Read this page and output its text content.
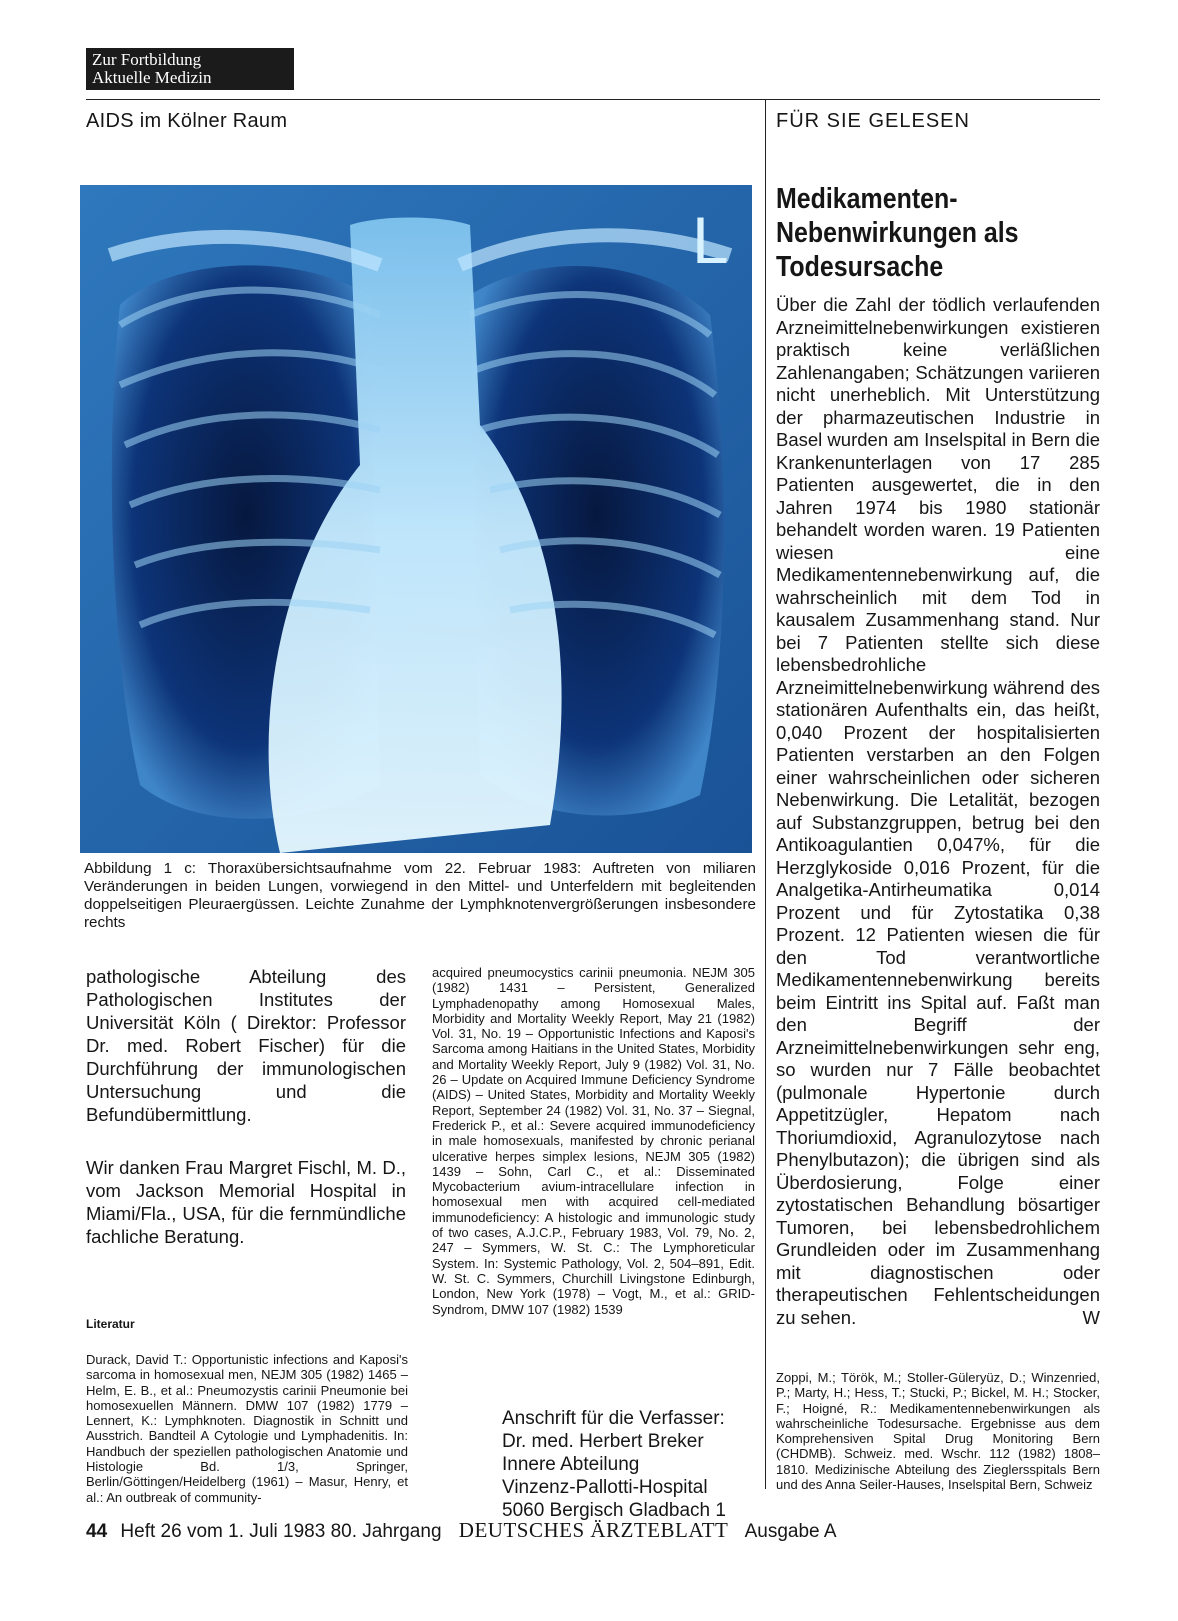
Zur Fortbildung
Aktuelle Medizin
AIDS im Kölner Raum	FÜR SIE GELESEN
L
Abbildung 1 c: Thoraxübersichtsaufnahme vom 22. Februar 1983: Auftreten von miliaren Veränderungen in beiden Lungen, vorwiegend in den Mittel- und Unterfeldern mit begleitenden doppelseitigen Pleuraergüssen. Leichte Zunahme der Lymphknotenvergrößerungen insbesondere rechts

pathologische Abteilung des Pathologischen Institutes der Universität Köln ( Direktor: Professor Dr. med. Robert Fischer) für die Durchführung der immunologischen Untersuchung und die Befundübermittlung.

Wir danken Frau Margret Fischl, M. D., vom Jackson Memorial Hospital in Miami/Fla., USA, für die fernmündliche fachliche Beratung.

Literatur
Durack, David T.: Opportunistic infections and Kaposi's sarcoma in homosexual men, NEJM 305 (1982) 1465 – Helm, E. B., et al.: Pneumozystis carinii Pneumonie bei homosexuellen Männern. DMW 107 (1982) 1779 – Lennert, K.: Lymphknoten. Diagnostik in Schnitt und Ausstrich. Bandteil A Cytologie und Lymphadenitis. In: Handbuch der speziellen pathologischen Anatomie und Histologie Bd. 1/3, Springer, Berlin/Göttingen/Heidelberg (1961) – Masur, Henry, et al.: An outbreak of community-
acquired pneumocystics carinii pneumonia. NEJM 305 (1982) 1431 – Persistent, Generalized Lymphadenopathy among Homosexual Males, Morbidity and Mortality Weekly Report, May 21 (1982) Vol. 31, No. 19 – Opportunistic Infections and Kaposi's Sarcoma among Haitians in the United States, Morbidity and Mortality Weekly Report, July 9 (1982) Vol. 31, No. 26 – Update on Acquired Immune Deficiency Syndrome (AIDS) – United States, Morbidity and Mortality Weekly Report, September 24 (1982) Vol. 31, No. 37 – Siegnal, Frederick P., et al.: Severe acquired immunodeficiency in male homosexuals, manifested by chronic perianal ulcerative herpes simplex lesions, NEJM 305 (1982) 1439 – Sohn, Carl C., et al.: Disseminated Mycobacterium avium-intracellulare infection in homosexual men with acquired cell-mediated immunodeficiency: A histologic and immunologic study of two cases, A.J.C.P., February 1983, Vol. 79, No. 2, 247 – Symmers, W. St. C.: The Lymphoreticular System. In: Systemic Pathology, Vol. 2, 504–891, Edit. W. St. C. Symmers, Churchill Livingstone Edinburgh, London, New York (1978) – Vogt, M., et al.: GRID-Syndrom, DMW 107 (1982) 1539
Anschrift für die Verfasser:
Dr. med. Herbert Breker
Innere Abteilung
Vinzenz-Pallotti-Hospital
5060 Bergisch Gladbach 1
Medikamenten-
Nebenwirkungen als
Todesursache
Über die Zahl der tödlich verlaufenden Arzneimittelnebenwirkungen existieren praktisch keine verläßlichen Zahlenangaben; Schätzungen variieren nicht unerheblich. Mit Unterstützung der pharmazeutischen Industrie in Basel wurden am Inselspital in Bern die Krankenunterlagen von 17 285 Patienten ausgewertet, die in den Jahren 1974 bis 1980 stationär behandelt worden waren. 19 Patienten wiesen eine Medikamentennebenwirkung auf, die wahrscheinlich mit dem Tod in kausalem Zusammenhang stand. Nur bei 7 Patienten stellte sich diese lebensbedrohliche Arzneimittelnebenwirkung während des stationären Aufenthalts ein, das heißt, 0,040 Prozent der hospitalisierten Patienten verstarben an den Folgen einer wahrscheinlichen oder sicheren Nebenwirkung. Die Letalität, bezogen auf Substanzgruppen, betrug bei den Antikoagulantien 0,047%, für die Herzglykoside 0,016 Prozent, für die Analgetika-Antirheumatika 0,014 Prozent und für Zytostatika 0,38 Prozent. 12 Patienten wiesen die für den Tod verantwortliche Medikamentennebenwirkung bereits beim Eintritt ins Spital auf. Faßt man den Begriff der Arzneimittelnebenwirkungen sehr eng, so wurden nur 7 Fälle beobachtet (pulmonale Hypertonie durch Appetitzügler, Hepatom nach Thoriumdioxid, Agranulozytose nach Phenylbutazon); die übrigen sind als Überdosierung, Folge einer zytostatischen Behandlung bösartiger Tumoren, bei lebensbedrohlichem Grundleiden oder im Zusammenhang mit diagnostischen oder therapeutischen Fehlentscheidungen zu sehen.	W
Zoppi, M.; Török, M.; Stoller-Güleryüz, D.; Winzenried, P.; Marty, H.; Hess, T.; Stucki, P.; Bickel, M. H.; Stocker, F.; Hoigné, R.: Medikamentennebenwirkungen als wahrscheinliche Todesursache. Ergebnisse aus dem Komprehensiven Spital Drug Monitoring Bern (CHDMB). Schweiz. med. Wschr. 112 (1982) 1808–1810. Medizinische Abteilung des Zieglersspitals Bern und des Anna Seiler-Hauses, Inselspital Bern, Schweiz
44 Heft 26 vom 1. Juli 1983 80. Jahrgang DEUTSCHES ÄRZTEBLATT Ausgabe A
